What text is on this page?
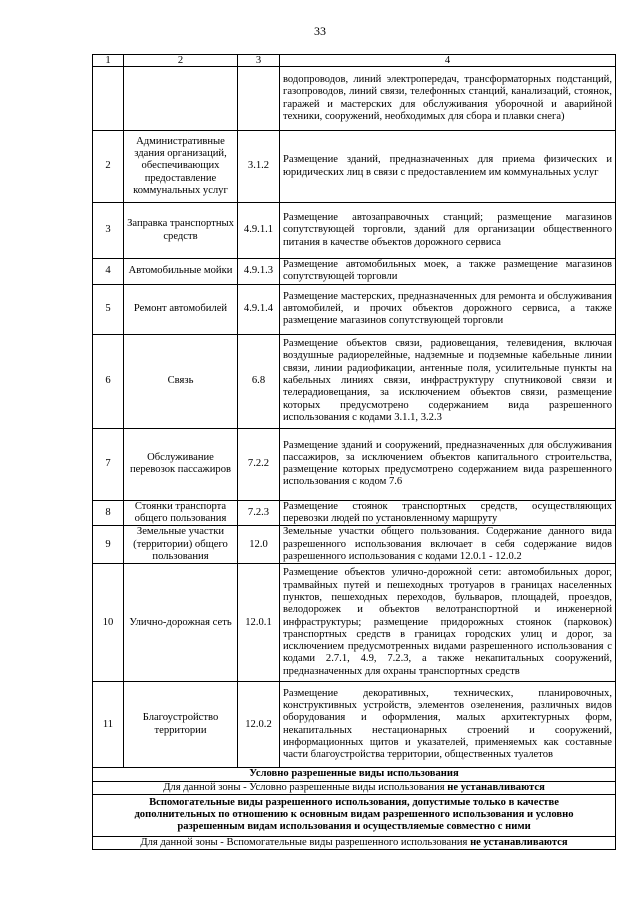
33
1	2	3	4
			водопроводов, линий электропередач, трансформаторных подстанций, газопроводов, линий связи, телефонных станций, канализаций, стоянок, гаражей и мастерских для обслуживания уборочной и аварийной техники, сооружений, необходимых для сбора и плавки снега)
2	Административные здания организаций, обеспечивающих предоставление коммунальных услуг	3.1.2	Размещение зданий, предназначенных для приема физических и юридических лиц в связи с предоставлением им коммунальных услуг
3	Заправка транспортных средств	4.9.1.1	Размещение автозаправочных станций; размещение магазинов сопутствующей торговли, зданий для организации общественного питания в качестве объектов дорожного сервиса
4	Автомобильные мойки	4.9.1.3	Размещение автомобильных моек, а также размещение магазинов сопутствующей торговли
5	Ремонт автомобилей	4.9.1.4	Размещение мастерских, предназначенных для ремонта и обслуживания автомобилей, и прочих объектов дорожного сервиса, а также размещение магазинов сопутствующей торговли
6	Связь	6.8	Размещение объектов связи, радиовещания, телевидения, включая воздушные радиорелейные, надземные и подземные кабельные линии связи, линии радиофикации, антенные поля, усилительные пункты на кабельных линиях связи, инфраструктуру спутниковой связи и телерадиовещания, за исключением объектов связи, размещение которых предусмотрено содержанием вида разрешенного использования с кодами 3.1.1, 3.2.3
7	Обслуживание перевозок пассажиров	7.2.2	Размещение зданий и сооружений, предназначенных для обслуживания пассажиров, за исключением объектов капитального строительства, размещение которых предусмотрено содержанием вида разрешенного использования с кодом 7.6
8	Стоянки транспорта общего пользования	7.2.3	Размещение стоянок транспортных средств, осуществляющих перевозки людей по установленному маршруту
9	Земельные участки (территории) общего пользования	12.0	Земельные участки общего пользования. Содержание данного вида разрешенного использования включает в себя содержание видов разрешенного использования с кодами 12.0.1 - 12.0.2
10	Улично-дорожная сеть	12.0.1	Размещение объектов улично-дорожной сети: автомобильных дорог, трамвайных путей и пешеходных тротуаров в границах населенных пунктов, пешеходных переходов, бульваров, площадей, проездов, велодорожек и объектов велотранспортной и инженерной инфраструктуры; размещение придорожных стоянок (парковок) транспортных средств в границах городских улиц и дорог, за исключением предусмотренных видами разрешенного использования с кодами 2.7.1, 4.9, 7.2.3, а также некапитальных сооружений, предназначенных для охраны транспортных средств
11	Благоустройство территории	12.0.2	Размещение декоративных, технических, планировочных, конструктивных устройств, элементов озеленения, различных видов оборудования и оформления, малых архитектурных форм, некапитальных нестационарных строений и сооружений, информационных щитов и указателей, применяемых как составные части благоустройства территории, общественных туалетов
Условно разрешенные виды использования			
Для данной зоны - Условно разрешенные виды использования не устанавливаются			
Вспомогательные виды разрешенного использования, допустимые только в качестве дополнительных по отношению к основным видам разрешенного использования и условно разрешенным видам использования и осуществляемые совместно с ними			
Для данной зоны - Вспомогательные виды разрешенного использования не устанавливаются			
